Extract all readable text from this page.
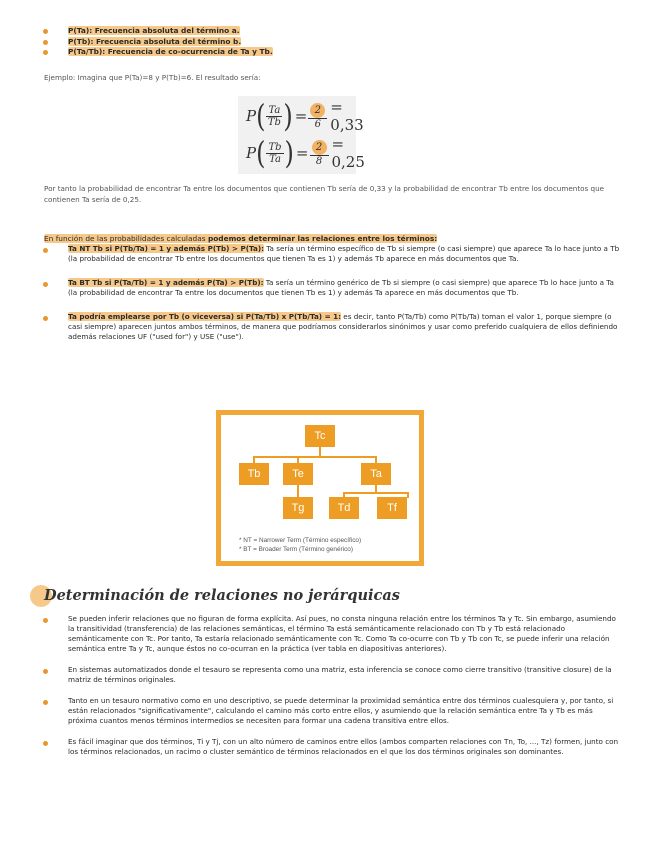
P(Ta): Frecuencia absoluta del término a.
P(Tb): Frecuencia absoluta del término b.
P(Ta/Tb): Frecuencia de co-ocurrencia de Ta y Tb.
Ejemplo: Imagina que P(Ta)=8 y P(Tb)=6. El resultado sería:
P ( $\frac{Ta}{Tb}$ ) = $\frac{2}{6} = 0,33$
P ( $\frac{Tb}{Ta}$ ) = $\frac{2}{8} = 0,25$
Por tanto la probabilidad de encontrar Ta entre los documentos que contienen Tb sería de 0,33 y la probabilidad de encontrar Tb entre los documentos que contienen Ta sería de 0,25.
En función de las probabilidades calculadas podemos determinar las relaciones entre los términos:
Ta NT Tb si P(Tb/Ta) = 1 y además P(Tb) > P(Ta): Ta sería un término específico de Tb si siempre (o casi siempre) que aparece Ta lo hace junto a Tb (la probabilidad de encontrar Tb entre los documentos que tienen Ta es 1) y además Tb aparece en más documentos que Ta.
Ta BT Tb si P(Ta/Tb) = 1 y además P(Ta) > P(Tb): Ta sería un término genérico de Tb si siempre (o casi siempre) que aparece Tb lo hace junto a Ta (la probabilidad de encontrar Ta entre los documentos que tienen Tb es 1) y además Ta aparece en más documentos que Tb.
Ta podría emplearse por Tb (o viceversa) si P(Ta/Tb) x P(Tb/Ta) = 1: es decir, tanto P(Ta/Tb) como P(Tb/Ta) toman el valor 1, porque siempre (o casi siempre) aparecen juntos ambos términos, de manera que podríamos considerarlos sinónimos y usar como preferido cualquiera de ellos definiendo además relaciones UF ("used for") y USE ("use").
Tc
Tb	Te	Ta
Tg	Td	Tf
* NT = Narrower Term (Término específico)
* BT = Broader Term (Término genérico)
Determinación de relaciones no jerárquicas
Se pueden inferir relaciones que no figuran de forma explícita. Así pues, no consta ninguna relación entre los términos Ta y Tc. Sin embargo, asumiendo la transitividad (transferencia) de las relaciones semánticas, el término Ta está semánticamente relacionado con Tb y Tb está relacionado semánticamente con Tc. Por tanto, Ta estaría relacionado semánticamente con Tc. Como Ta co-ocurre con Tb y Tb con Tc, se puede inferir una relación semántica entre Ta y Tc, aunque éstos no co-ocurran en la práctica (ver tabla en diapositivas anteriores).
En sistemas automatizados donde el tesauro se representa como una matriz, esta inferencia se conoce como cierre transitivo (transitive closure) de la matriz de términos originales.
Tanto en un tesauro normativo como en uno descriptivo, se puede determinar la proximidad semántica entre dos términos cualesquiera y, por tanto, si están relacionados "significativamente", calculando el camino más corto entre ellos, y asumiendo que la relación semántica entre Ta y Tb es más próxima cuantos menos términos intermedios se necesiten para formar una cadena transitiva entre ellos.
Es fácil imaginar que dos términos, Ti y Tj, con un alto número de caminos entre ellos (ambos comparten relaciones con Tn, To, ..., Tz) formen, junto con los términos relacionados, un racimo o cluster semántico de términos relacionados en el que los dos términos originales son dominantes.
